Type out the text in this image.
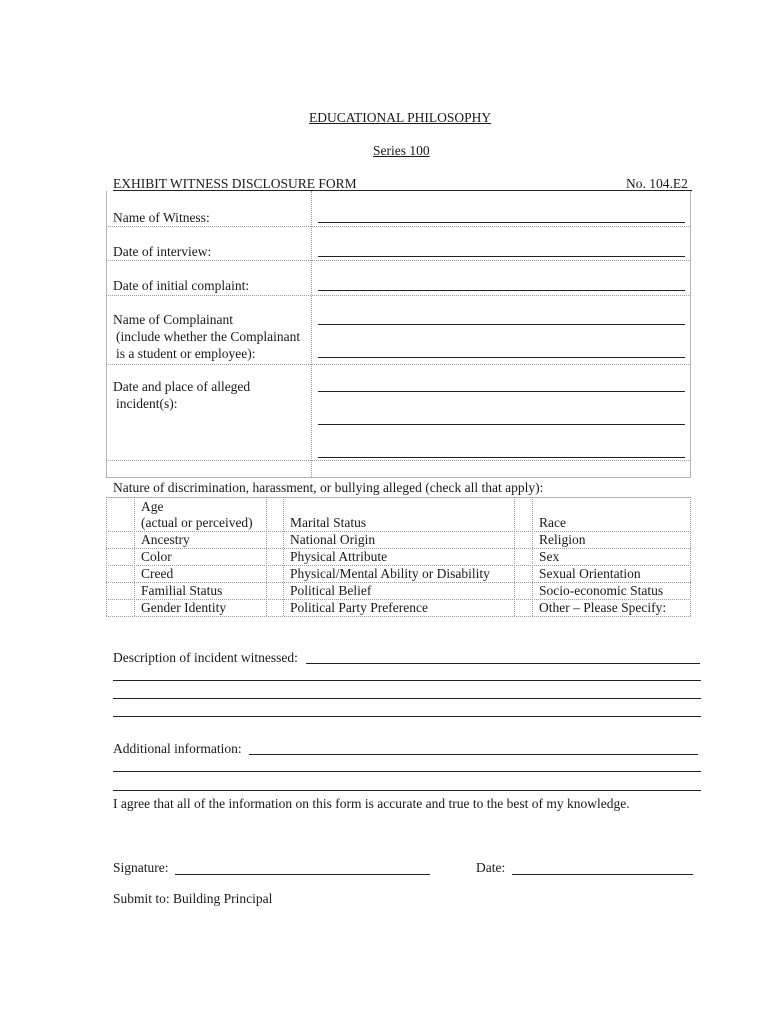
EDUCATIONAL PHILOSOPHY
Series 100
EXHIBIT WITNESS DISCLOSURE FORM	No. 104.E2
Name of Witness:
Date of interview:
Date of initial complaint:
Name of Complainant
(include whether the Complainant
is a student or employee):
Date and place of alleged
incident(s):
Nature of discrimination, harassment, or bullying alleged (check all that apply):
Age
(actual or perceived)
Ancestry
Color
Creed
Familial Status
Gender Identity
Marital Status
National Origin
Physical Attribute
Physical/Mental Ability or Disability
Political Belief
Political Party Preference
Race
Religion
Sex
Sexual Orientation
Socio-economic Status
Other – Please Specify:
Description of incident witnessed:
Additional information:
I agree that all of the information on this form is accurate and true to the best of my knowledge.
Signature:	Date:
Submit to: Building Principal
